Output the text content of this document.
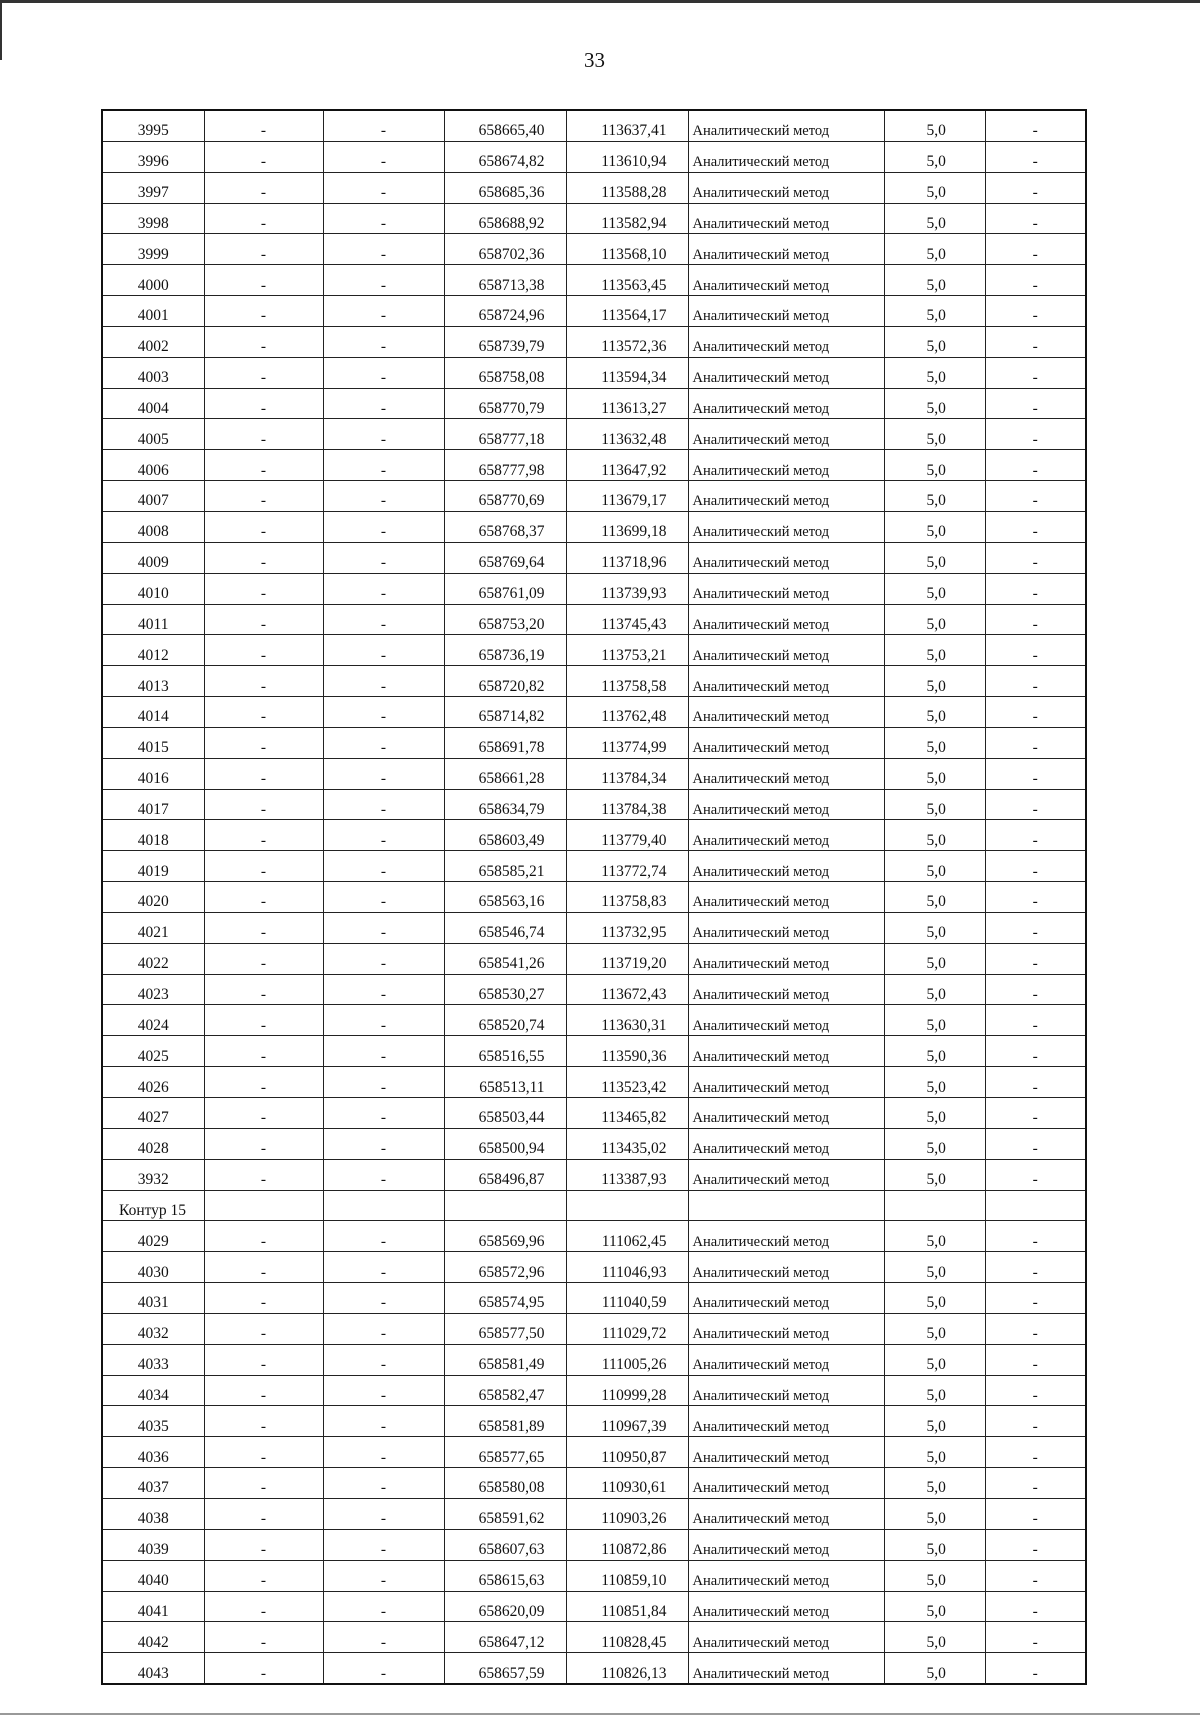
33
3995	-	-	658665,40	113637,41	Аналитический метод	5,0	-
3996	-	-	658674,82	113610,94	Аналитический метод	5,0	-
3997	-	-	658685,36	113588,28	Аналитический метод	5,0	-
3998	-	-	658688,92	113582,94	Аналитический метод	5,0	-
3999	-	-	658702,36	113568,10	Аналитический метод	5,0	-
4000	-	-	658713,38	113563,45	Аналитический метод	5,0	-
4001	-	-	658724,96	113564,17	Аналитический метод	5,0	-
4002	-	-	658739,79	113572,36	Аналитический метод	5,0	-
4003	-	-	658758,08	113594,34	Аналитический метод	5,0	-
4004	-	-	658770,79	113613,27	Аналитический метод	5,0	-
4005	-	-	658777,18	113632,48	Аналитический метод	5,0	-
4006	-	-	658777,98	113647,92	Аналитический метод	5,0	-
4007	-	-	658770,69	113679,17	Аналитический метод	5,0	-
4008	-	-	658768,37	113699,18	Аналитический метод	5,0	-
4009	-	-	658769,64	113718,96	Аналитический метод	5,0	-
4010	-	-	658761,09	113739,93	Аналитический метод	5,0	-
4011	-	-	658753,20	113745,43	Аналитический метод	5,0	-
4012	-	-	658736,19	113753,21	Аналитический метод	5,0	-
4013	-	-	658720,82	113758,58	Аналитический метод	5,0	-
4014	-	-	658714,82	113762,48	Аналитический метод	5,0	-
4015	-	-	658691,78	113774,99	Аналитический метод	5,0	-
4016	-	-	658661,28	113784,34	Аналитический метод	5,0	-
4017	-	-	658634,79	113784,38	Аналитический метод	5,0	-
4018	-	-	658603,49	113779,40	Аналитический метод	5,0	-
4019	-	-	658585,21	113772,74	Аналитический метод	5,0	-
4020	-	-	658563,16	113758,83	Аналитический метод	5,0	-
4021	-	-	658546,74	113732,95	Аналитический метод	5,0	-
4022	-	-	658541,26	113719,20	Аналитический метод	5,0	-
4023	-	-	658530,27	113672,43	Аналитический метод	5,0	-
4024	-	-	658520,74	113630,31	Аналитический метод	5,0	-
4025	-	-	658516,55	113590,36	Аналитический метод	5,0	-
4026	-	-	658513,11	113523,42	Аналитический метод	5,0	-
4027	-	-	658503,44	113465,82	Аналитический метод	5,0	-
4028	-	-	658500,94	113435,02	Аналитический метод	5,0	-
3932	-	-	658496,87	113387,93	Аналитический метод	5,0	-
Контур 15							
4029	-	-	658569,96	111062,45	Аналитический метод	5,0	-
4030	-	-	658572,96	111046,93	Аналитический метод	5,0	-
4031	-	-	658574,95	111040,59	Аналитический метод	5,0	-
4032	-	-	658577,50	111029,72	Аналитический метод	5,0	-
4033	-	-	658581,49	111005,26	Аналитический метод	5,0	-
4034	-	-	658582,47	110999,28	Аналитический метод	5,0	-
4035	-	-	658581,89	110967,39	Аналитический метод	5,0	-
4036	-	-	658577,65	110950,87	Аналитический метод	5,0	-
4037	-	-	658580,08	110930,61	Аналитический метод	5,0	-
4038	-	-	658591,62	110903,26	Аналитический метод	5,0	-
4039	-	-	658607,63	110872,86	Аналитический метод	5,0	-
4040	-	-	658615,63	110859,10	Аналитический метод	5,0	-
4041	-	-	658620,09	110851,84	Аналитический метод	5,0	-
4042	-	-	658647,12	110828,45	Аналитический метод	5,0	-
4043	-	-	658657,59	110826,13	Аналитический метод	5,0	-
